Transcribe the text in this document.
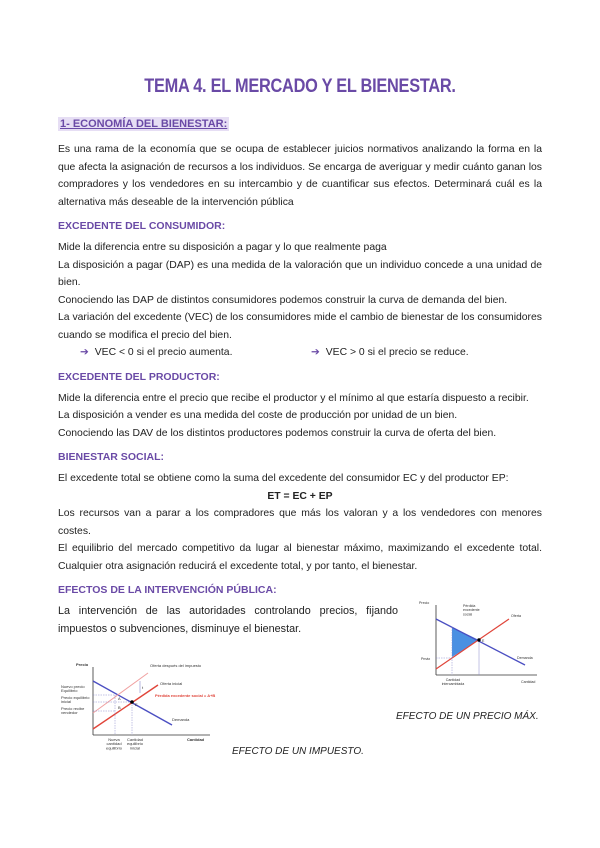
TEMA 4. EL MERCADO Y EL BIENESTAR.
1- ECONOMÍA DEL BIENESTAR:
Es una rama de la economía que se ocupa de establecer juicios normativos analizando la forma en la que afecta la asignación de recursos a los individuos. Se encarga de averiguar y medir cuánto ganan los compradores y los vendedores en su intercambio y de cuantificar sus efectos. Determinará cuál es la alternativa más deseable de la intervención pública
EXCEDENTE DEL CONSUMIDOR:
Mide la diferencia entre su disposición a pagar y lo que realmente paga
La disposición a pagar (DAP) es una medida de la valoración que un individuo concede a una unidad de bien.
Conociendo las DAP de distintos consumidores podemos construir la curva de demanda del bien.
La variación del excedente (VEC) de los consumidores mide el cambio de bienestar de los consumidores cuando se modifica el precio del bien.
➔ VEC < 0 si el precio aumenta.	➔ VEC > 0 si el precio se reduce.
EXCEDENTE DEL PRODUCTOR:
Mide la diferencia entre el precio que recibe el productor y el mínimo al que estaría dispuesto a recibir.
La disposición a vender es una medida del coste de producción por unidad de un bien.
Conociendo las DAV de los distintos productores podemos construir la curva de oferta del bien.
BIENESTAR SOCIAL:
El excedente total se obtiene como la suma del excedente del consumidor EC y del productor EP:
ET = EC + EP
Los recursos van a parar a los compradores que más los valoran y a los vendedores con menores costes.
El equilibrio del mercado competitivo da lugar al bienestar máximo, maximizando el excedente total. Cualquier otra asignación reducirá el excedente total, y por tanto, el bienestar.
EFECTOS DE LA INTERVENCIÓN PÚBLICA:
La intervención de las autoridades controlando precios, fijando impuestos o subvenciones, disminuye el bienestar.
Precio
Cantidad
Oferta después del impuesto
Oferta inicial
Demanda
Pérdida excedente social = A+B
Nuevo precio Equilibrio
Precio equilibrio inicial
Precio recibe vendedor
Nueva cantidad equilibrio
Cantidad equilibrio inicial
t
A
B
E
EFECTO DE UN IMPUESTO.
Precio
Cantidad
Oferta
Demanda
Pérdida excedente social
Pmáx
Cantidad intercambiada
E
EFECTO DE UN PRECIO MÁX.
